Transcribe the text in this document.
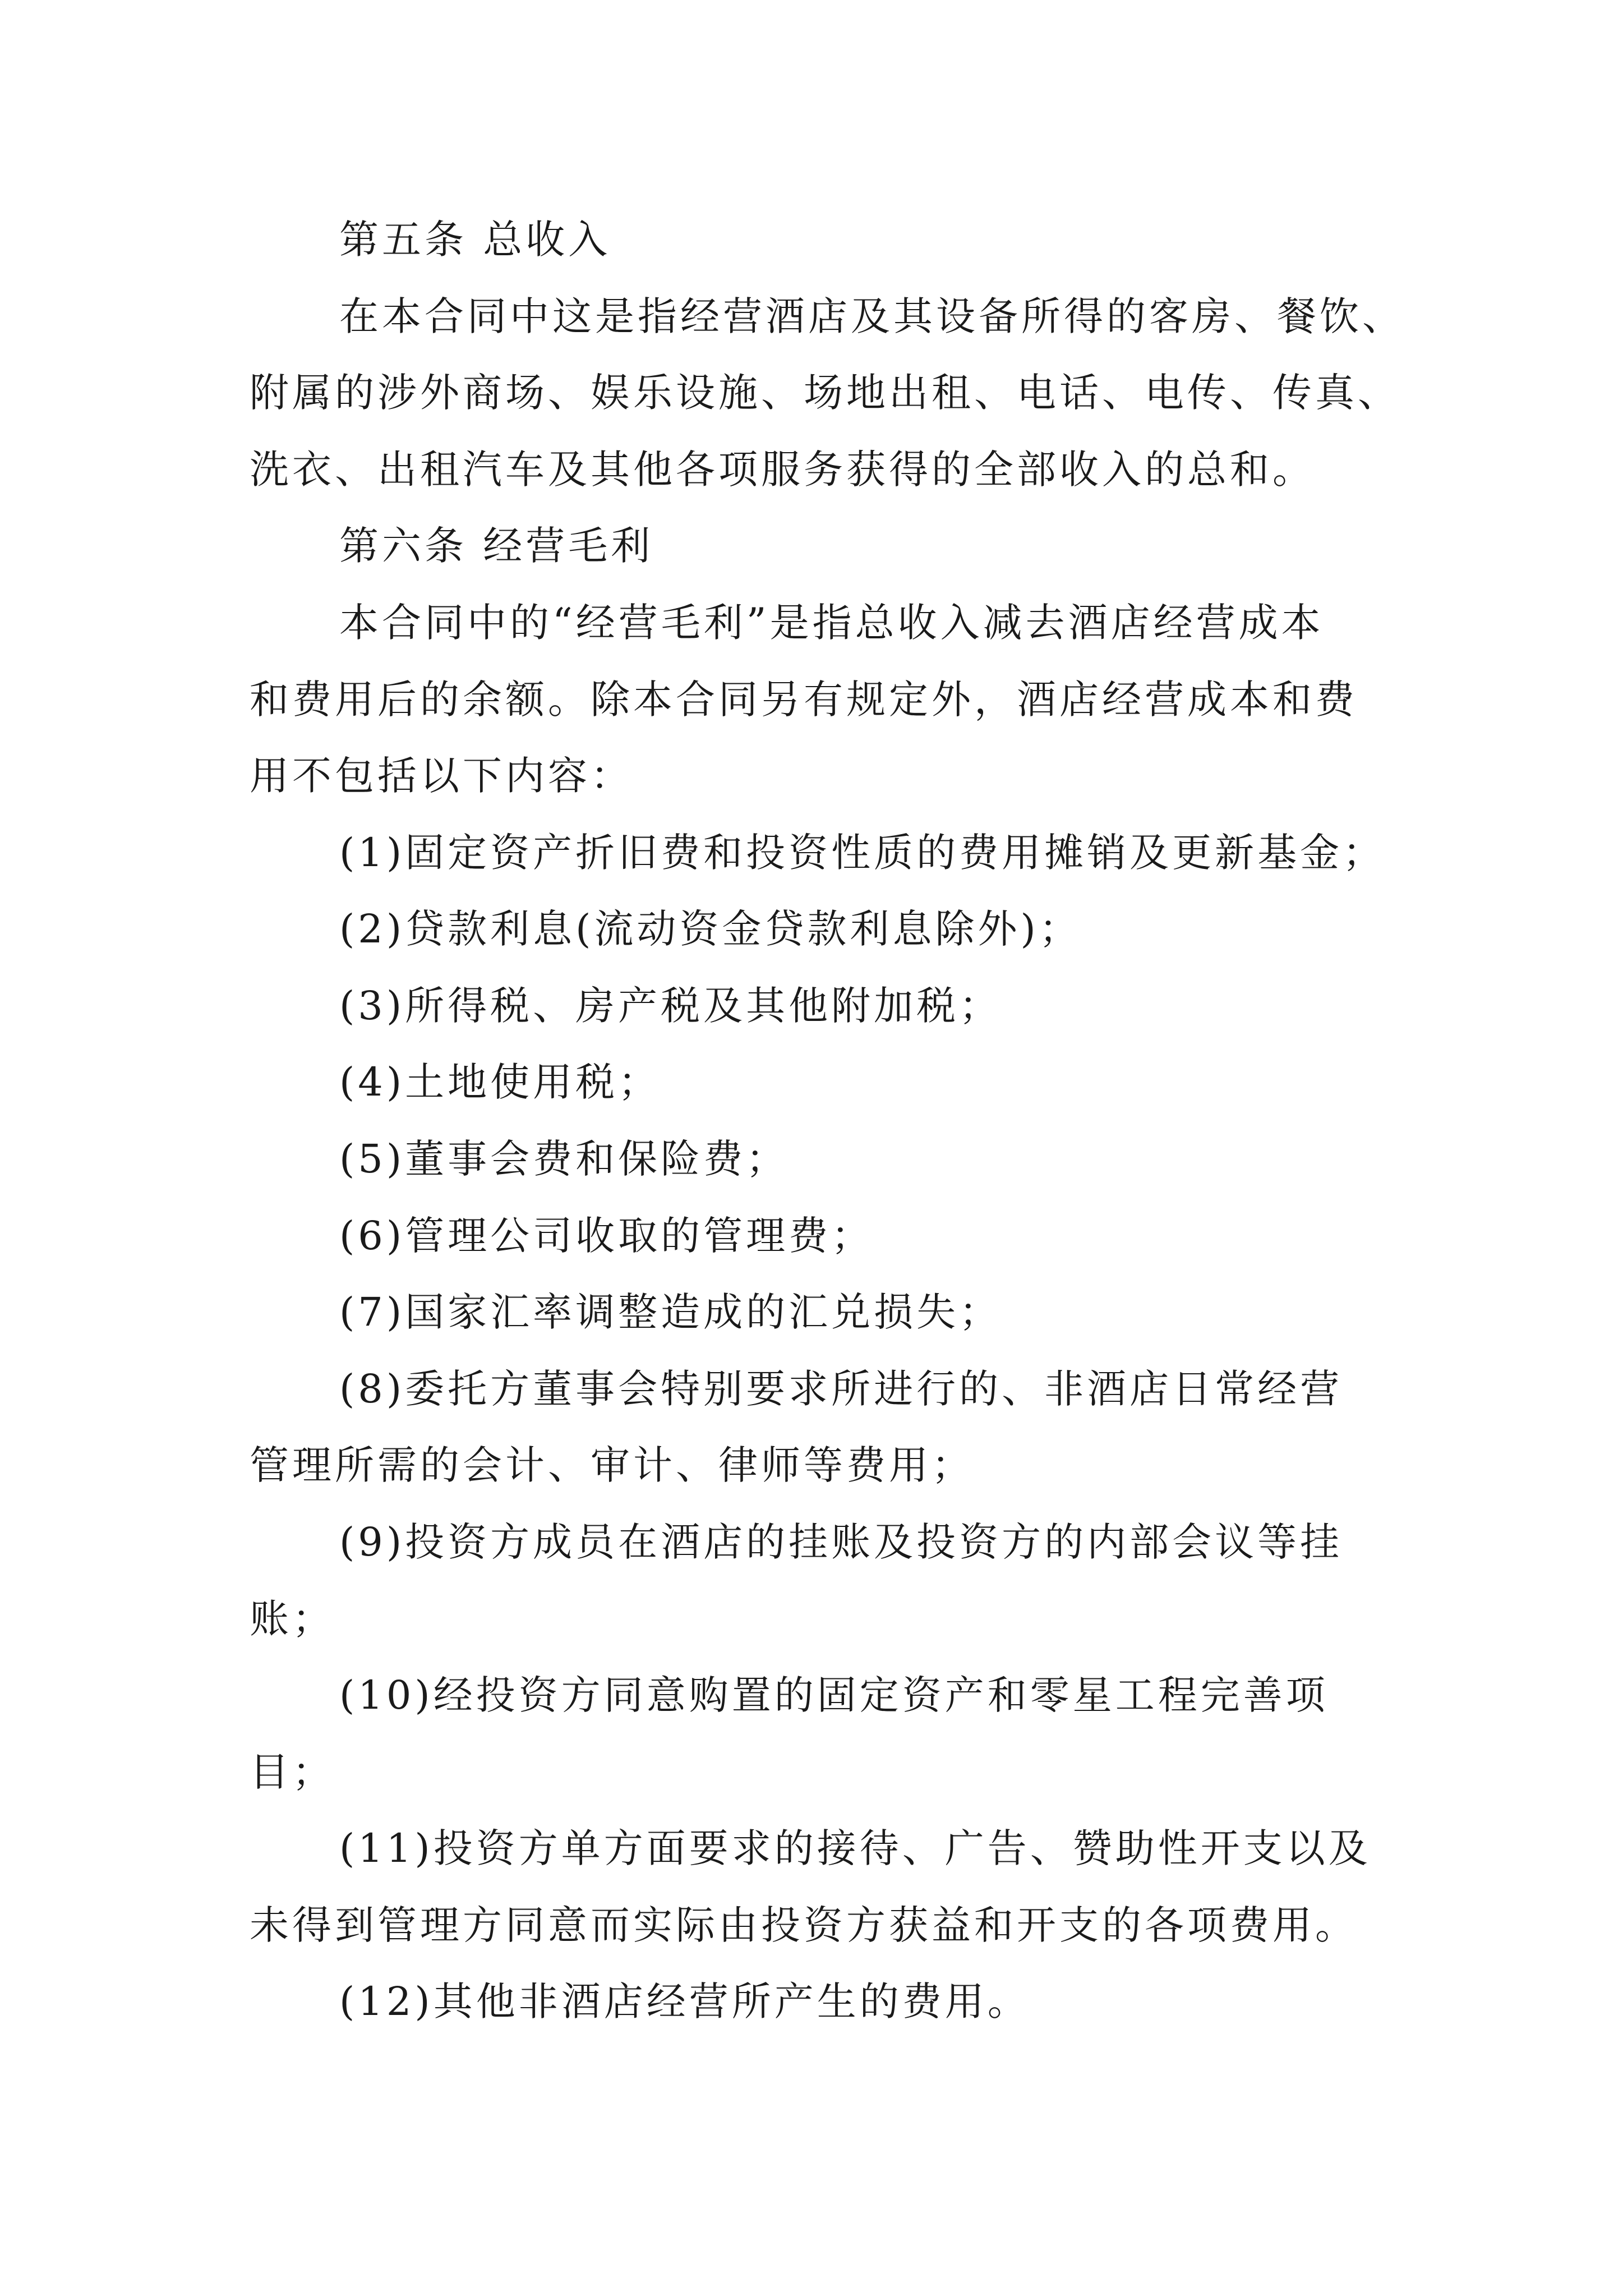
第五条 总收入
在本合同中这是指经营酒店及其设备所得的客房、餐饮、
附属的涉外商场、娱乐设施、场地出租、电话、电传、传真、
洗衣、出租汽车及其他各项服务获得的全部收入的总和。
第六条 经营毛利
本合同中的“经营毛利”是指总收入减去酒店经营成本
和费用后的余额。除本合同另有规定外，酒店经营成本和费
用不包括以下内容：
(1)固定资产折旧费和投资性质的费用摊销及更新基金；
(2)贷款利息(流动资金贷款利息除外)；
(3)所得税、房产税及其他附加税；
(4)土地使用税；
(5)董事会费和保险费；
(6)管理公司收取的管理费；
(7)国家汇率调整造成的汇兑损失；
(8)委托方董事会特别要求所进行的、非酒店日常经营
管理所需的会计、审计、律师等费用；
(9)投资方成员在酒店的挂账及投资方的内部会议等挂
账；
(10)经投资方同意购置的固定资产和零星工程完善项
目；
(11)投资方单方面要求的接待、广告、赞助性开支以及
未得到管理方同意而实际由投资方获益和开支的各项费用。
(12)其他非酒店经营所产生的费用。
